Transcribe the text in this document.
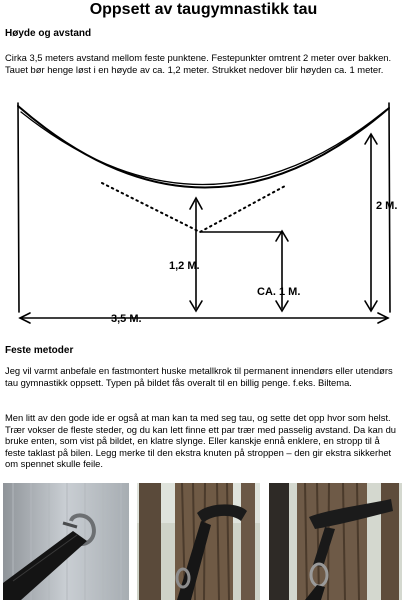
Oppsett av taugymnastikk tau
Høyde og avstand
Cirka 3,5 meters avstand mellom feste punktene. Festepunkter omtrent 2 meter over bakken. Tauet bør henge løst i en høyde av ca. 1,2 meter. Strukket nedover blir høyden ca. 1 meter.
3,5 M.
2 M.
1,2 M.
CA. 1 M.
Feste metoder
Jeg vil varmt anbefale en fastmontert huske metallkrok til permanent innendørs eller utendørs tau gymnastikk oppsett. Typen på bildet fås overalt til en billig penge. f.eks. Biltema.
Men litt av den gode ide er også at man kan ta med seg tau, og sette det opp hvor som helst. Trær vokser de fleste steder, og du kan lett finne ett par trær med passelig avstand. Da kan du bruke enten, som vist på bildet, en klatre slynge. Eller kanskje ennå enklere, en stropp til å feste taklast på bilen. Legg merke til den ekstra knuten på stroppen – den gir ekstra sikkerhet om spennet skulle feile.
